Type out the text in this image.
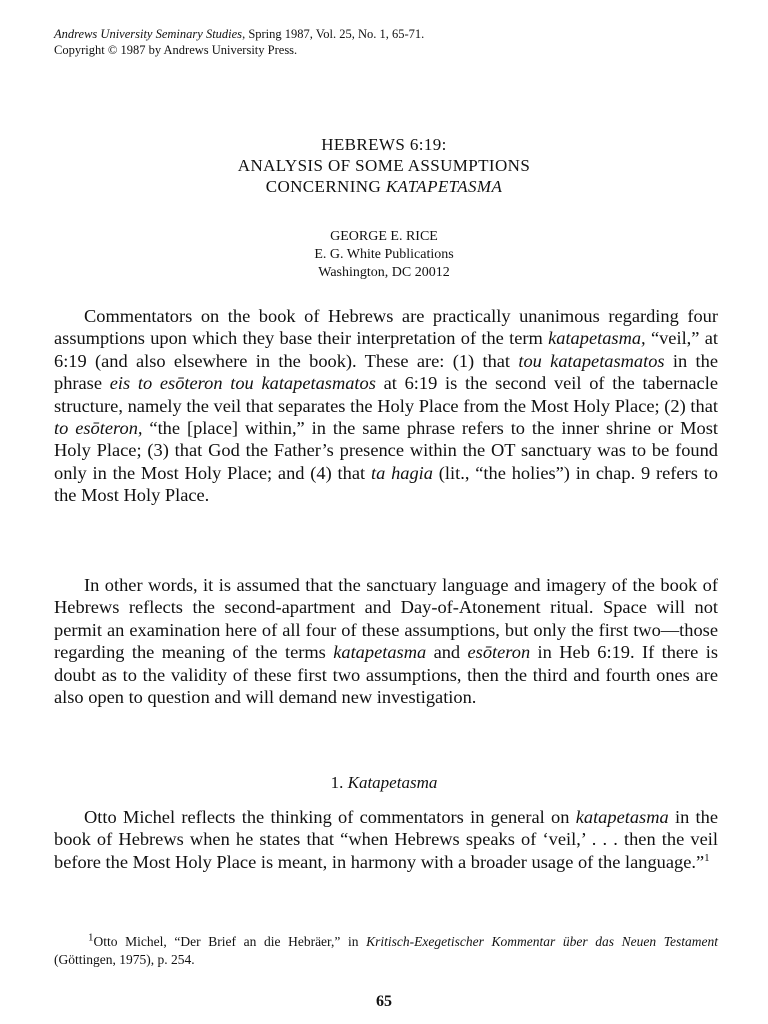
Andrews University Seminary Studies, Spring 1987, Vol. 25, No. 1, 65-71.
Copyright © 1987 by Andrews University Press.
HEBREWS 6:19:
ANALYSIS OF SOME ASSUMPTIONS
CONCERNING KATAPETASMA
GEORGE E. RICE
E. G. White Publications
Washington, DC 20012

Commentators on the book of Hebrews are practically unanimous regarding four assumptions upon which they base their interpretation of the term katapetasma, “veil,” at 6:19 (and also elsewhere in the book). These are: (1) that tou katapetasmatos in the phrase eis to esōteron tou katapetasmatos at 6:19 is the second veil of the tabernacle structure, namely the veil that separates the Holy Place from the Most Holy Place; (2) that to esōteron, “the [place] within,” in the same phrase refers to the inner shrine or Most Holy Place; (3) that God the Father’s presence within the OT sanctuary was to be found only in the Most Holy Place; and (4) that ta hagia (lit., “the holies”) in chap. 9 refers to the Most Holy Place.

In other words, it is assumed that the sanctuary language and imagery of the book of Hebrews reflects the second-apartment and Day-of-Atonement ritual. Space will not permit an examination here of all four of these assumptions, but only the first two—those regarding the meaning of the terms katapetasma and esōteron in Heb 6:19. If there is doubt as to the validity of these first two assumptions, then the third and fourth ones are also open to question and will demand new investigation.

1. Katapetasma

Otto Michel reflects the thinking of commentators in general on katapetasma in the book of Hebrews when he states that “when Hebrews speaks of ‘veil,’ . . . then the veil before the Most Holy Place is meant, in harmony with a broader usage of the language.”$^1$

$^1$Otto Michel, “Der Brief an die Hebräer,” in Kritisch-Exegetischer Kommentar über das Neuen Testament (Göttingen, 1975), p. 254.

65
